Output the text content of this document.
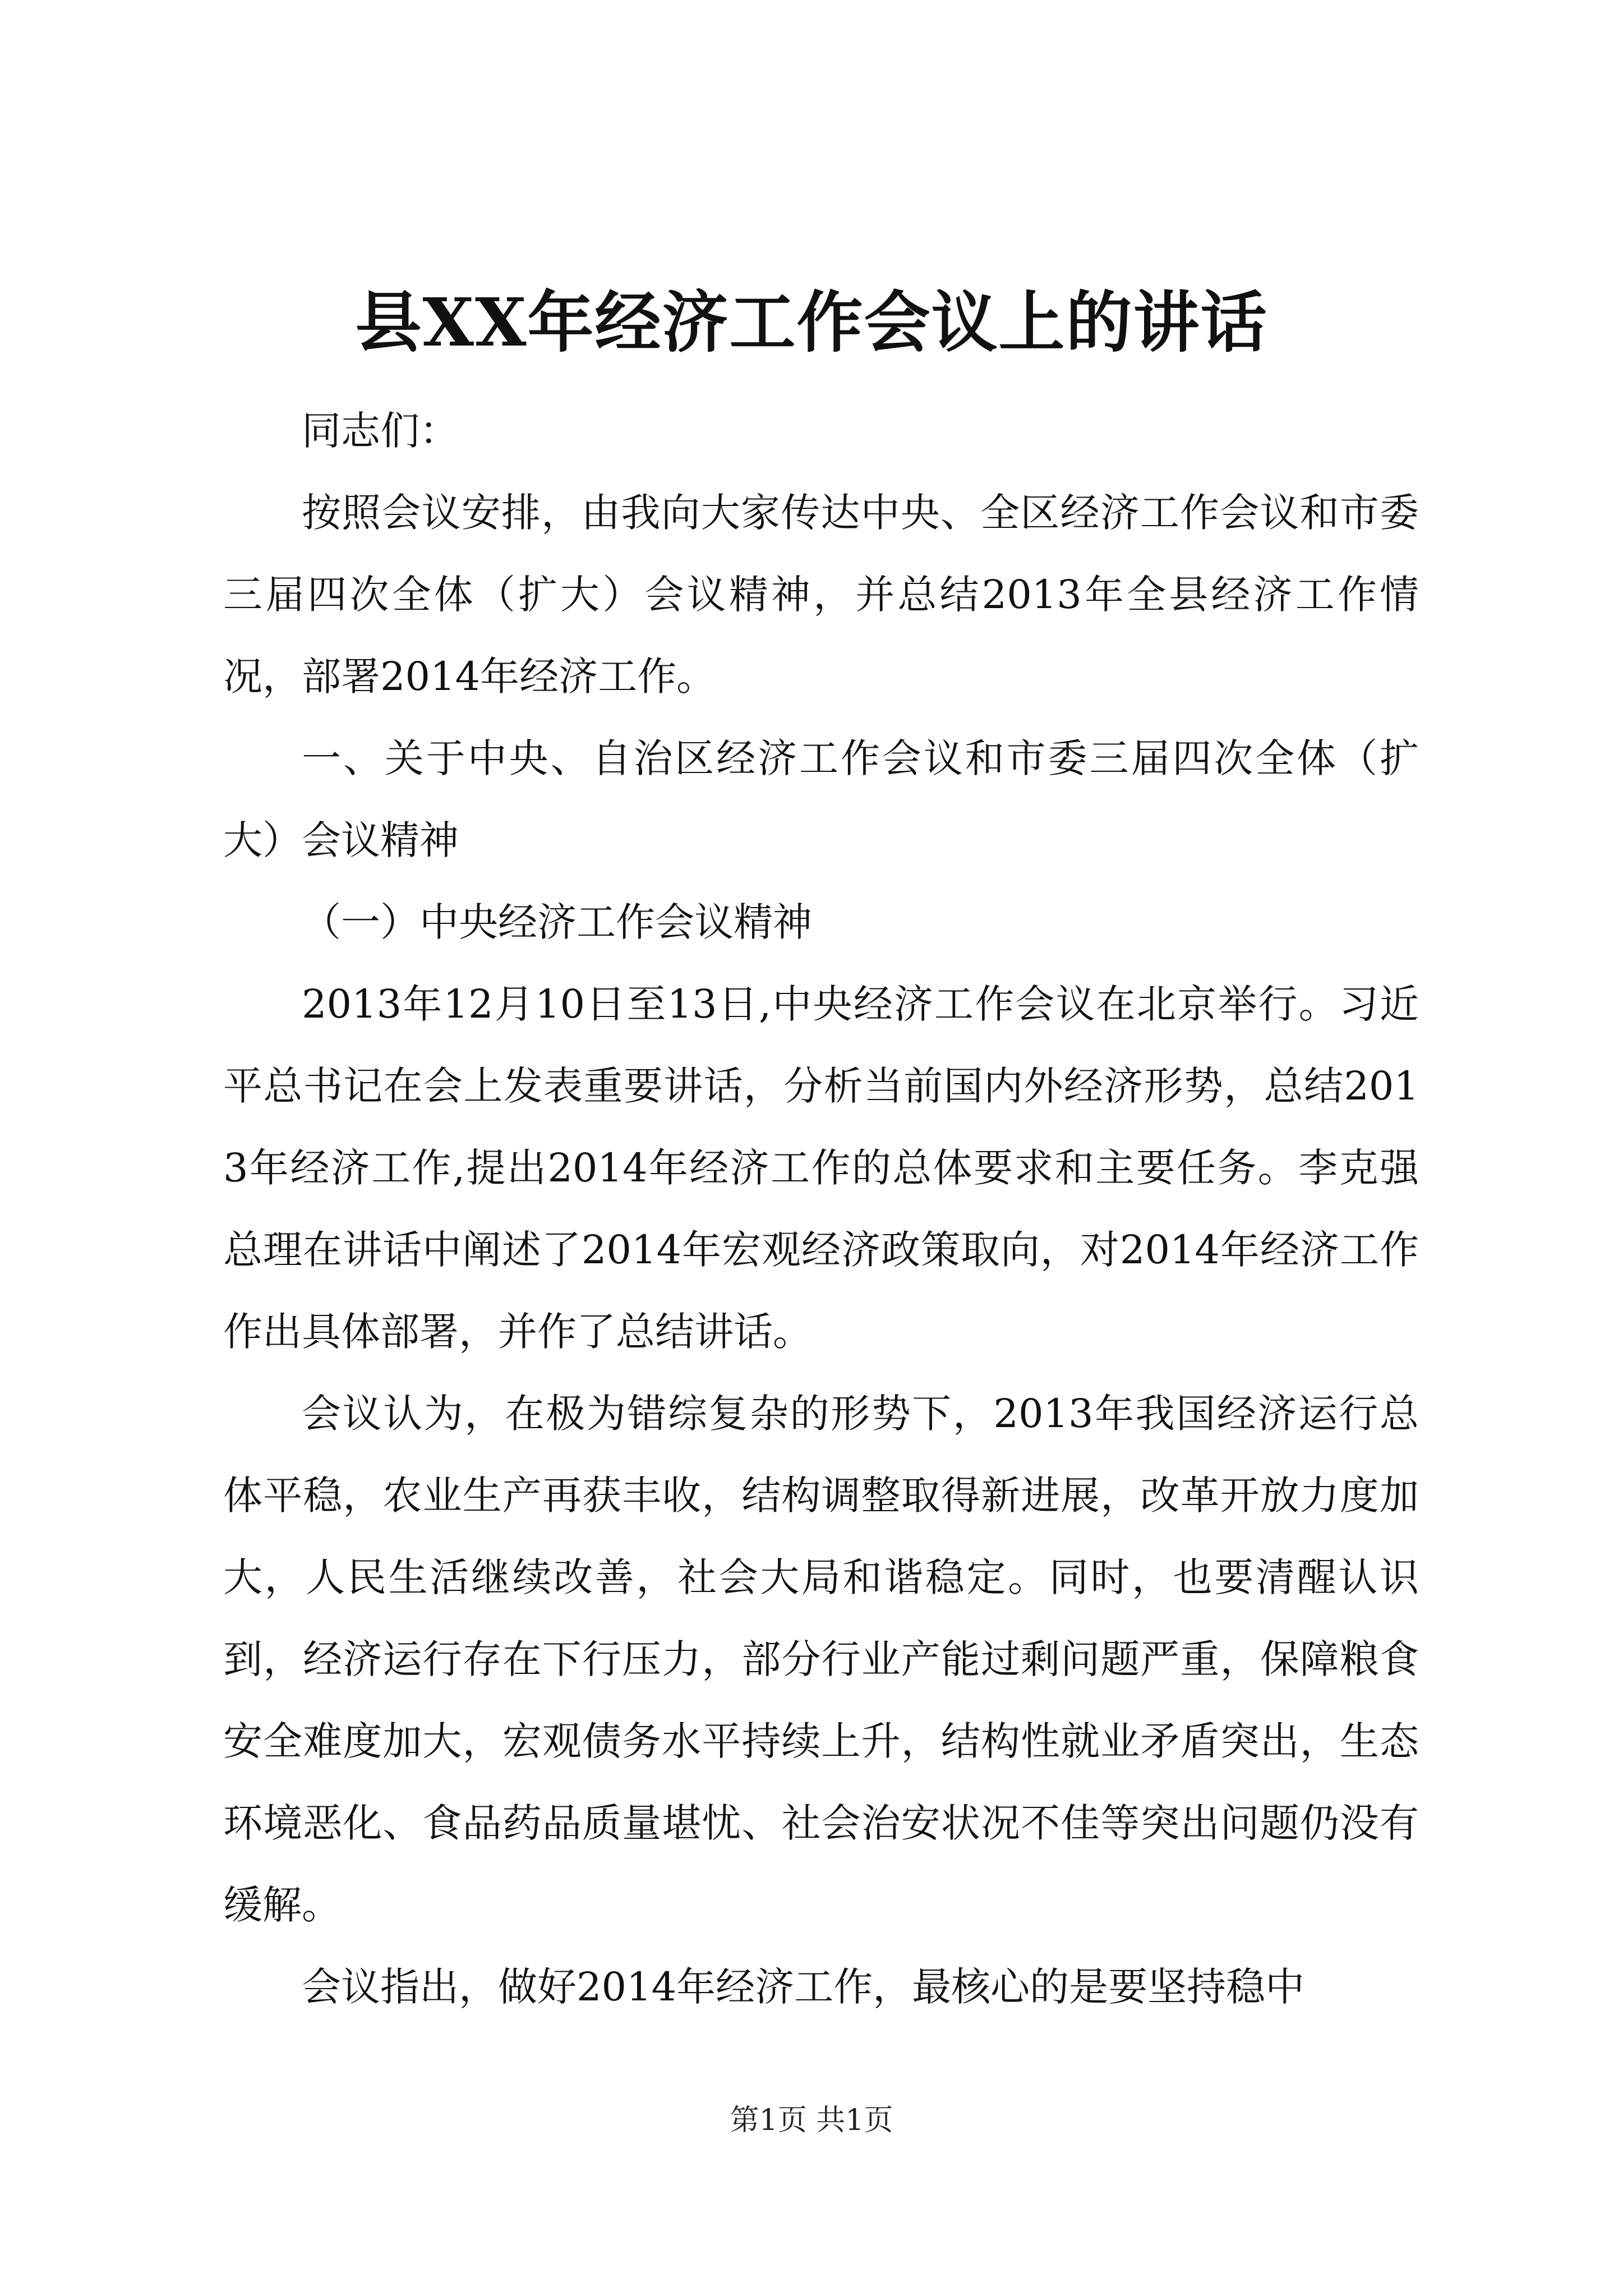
县XX年经济工作会议上的讲话

同志们：

按照会议安排，由我向大家传达中央、全区经济工作会议和市委三届四次全体（扩大）会议精神，并总结2013年全县经济工作情况，部署2014年经济工作。

一、关于中央、自治区经济工作会议和市委三届四次全体（扩大）会议精神

（一）中央经济工作会议精神

2013年12月10日至13日,中央经济工作会议在北京举行。习近平总书记在会上发表重要讲话，分析当前国内外经济形势，总结2013年经济工作,提出2014年经济工作的总体要求和主要任务。李克强总理在讲话中阐述了2014年宏观经济政策取向，对2014年经济工作作出具体部署，并作了总结讲话。

会议认为，在极为错综复杂的形势下，2013年我国经济运行总体平稳，农业生产再获丰收，结构调整取得新进展，改革开放力度加大，人民生活继续改善，社会大局和谐稳定。同时，也要清醒认识到，经济运行存在下行压力，部分行业产能过剩问题严重，保障粮食安全难度加大，宏观债务水平持续上升，结构性就业矛盾突出，生态环境恶化、食品药品质量堪忧、社会治安状况不佳等突出问题仍没有缓解。

会议指出，做好2014年经济工作，最核心的是要坚持稳中

第1页 共1页
